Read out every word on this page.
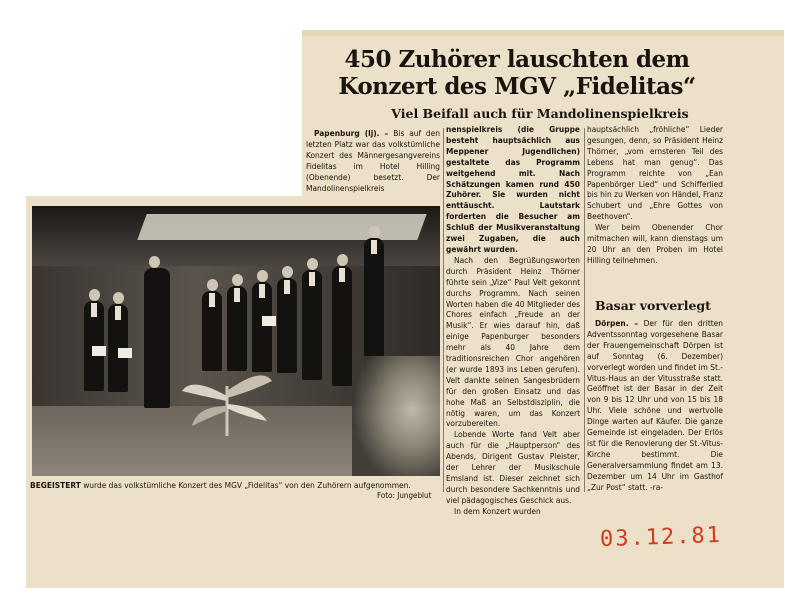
450 Zuhörer lauschten dem
Konzert des MGV „Fidelitas“
Viel Beifall auch für Mandolinenspielkreis

Papenburg (lj). – Bis auf den letzten Platz war das volkstümliche Konzert des Männergesangvereins Fidelitas im Hotel Hilling (Obenende) besetzt. Der Mandolinenspielkreis

nenspielkreis (die Gruppe besteht hauptsächlich aus Meppener Jugendlichen) gestaltete das Programm weitgehend mit. Nach Schätzungen kamen rund 450 Zuhörer. Sie wurden nicht enttäuscht. Lautstark forderten die Besucher am Schluß der Musikveranstaltung zwei Zugaben, die auch gewährt wurden.

Nach den Begrüßungsworten durch Präsident Heinz Thörner führte sein „Vize“ Paul Velt gekonnt durchs Programm. Nach seinen Worten haben die 40 Mitglieder des Chores einfach „Freude an der Musik“. Er wies darauf hin, daß einige Papenburger besonders mehr als 40 Jahre dem traditionsreichen Chor angehören (er wurde 1893 ins Leben gerufen). Velt dankte seinen Sangesbrüdern für den großen Einsatz und das hohe Maß an Selbstdisziplin, die nötig waren, um das Konzert vorzubereiten.

Lobende Worte fand Velt aber auch für die „Hauptperson“ des Abends, Dirigent Gustav Pleister, der Lehrer der Musikschule Emsland ist. Dieser zeichnet sich durch besondere Sachkenntnis und viel pädagogisches Geschick aus.

In dem Konzert wurden

hauptsächlich „fröhliche“ Lieder gesungen, denn, so Präsident Heinz Thörner, „vom ernsteren Teil des Lebens hat man genug“. Das Programm reichte von „Ean Papenbörger Lied“ und Schifferlied bis hin zu Werken von Händel, Franz Schubert und „Ehre Gottes von Beethoven“.

Wer beim Obenender Chor mitmachen will, kann dienstags um 20 Uhr an den Proben im Hotel Hilling teilnehmen.

Basar vorverlegt

Dörpen. – Der für den dritten Adventssonntag vorgesehene Basar der Frauengemeinschaft Dörpen ist auf Sonntag (6. Dezember) vorverlegt worden und findet im St.-Vitus-Haus an der Vitusstraße statt. Geöffnet ist der Basar in der Zeit von 9 bis 12 Uhr und von 15 bis 18 Uhr. Viele schöne und wertvolle Dinge warten auf Käufer. Die ganze Gemeinde ist eingeladen. Der Erlös ist für die Renovierung der St.-Vitus-Kirche bestimmt. Die Generalversammlung findet am 13. Dezember um 14 Uhr im Gasthof „Zur Post“ statt. -ra-

BEGEISTERT wurde das volkstümliche Konzert des MGV „Fidelitas“ von den Zuhörern aufgenommen.
Foto: Jungeblut
03.12.81
